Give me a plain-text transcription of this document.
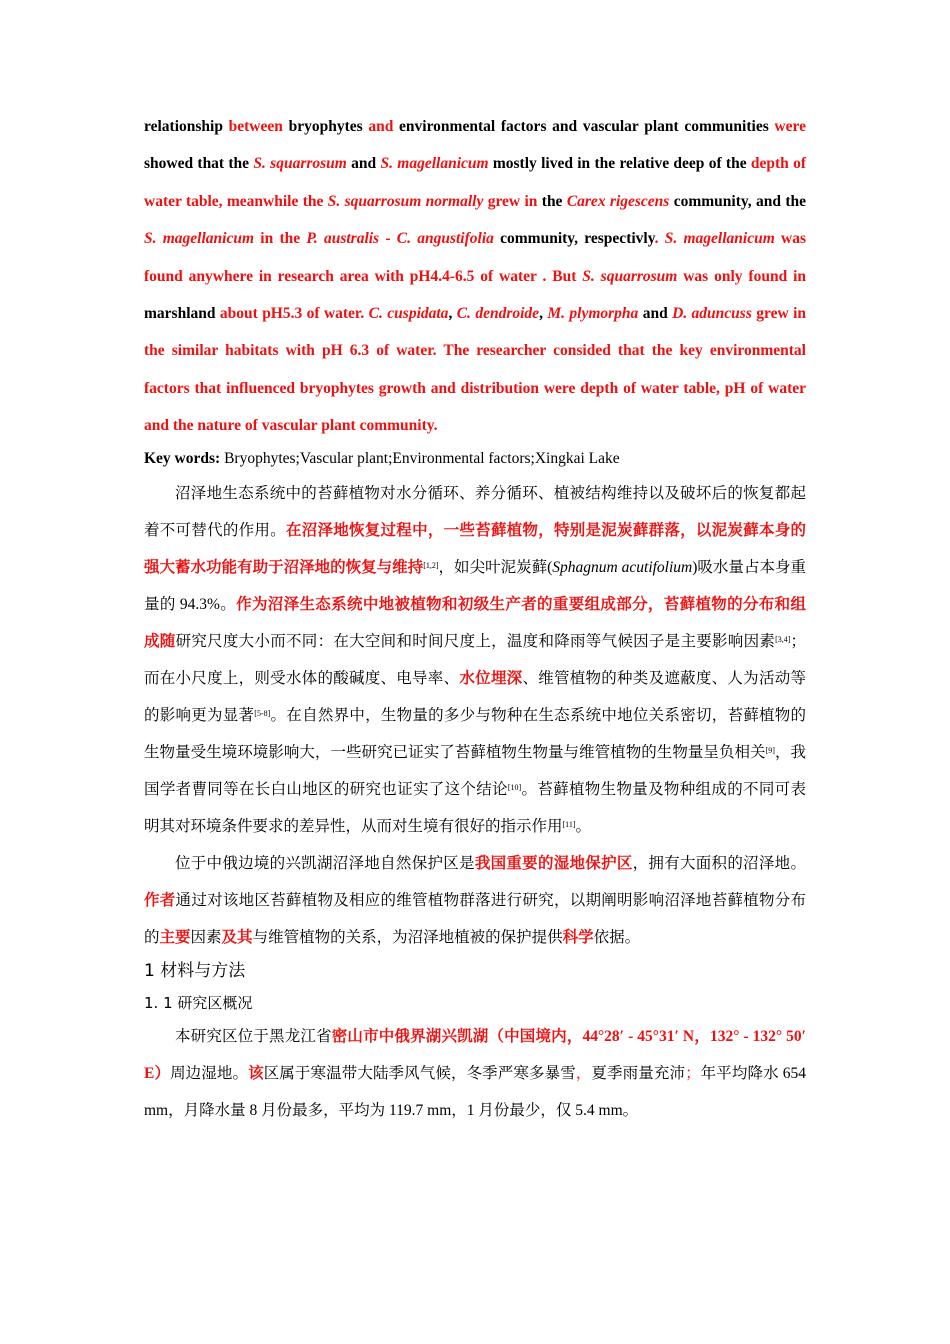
relationship between bryophytes and environmental factors and vascular plant communities were showed that the S. squarrosum and S. magellanicum mostly lived in the relative deep of the depth of water table, meanwhile the S. squarrosum normally grew in the Carex rigescens community, and the S. magellanicum in the P. australis - C. angustifolia community, respectivly. S. magellanicum was found anywhere in research area with pH4.4-6.5 of water . But S. squarrosum was only found in marshland about pH5.3 of water. C. cuspidata, C. dendroide, M. plymorpha and D. aduncuss grew in the similar habitats with pH 6.3 of water. The researcher consided that the key environmental factors that influenced bryophytes growth and distribution were depth of water table, pH of water and the nature of vascular plant community.

Key words: Bryophytes;Vascular plant;Environmental factors;Xingkai Lake

沼泽地生态系统中的苔藓植物对水分循环、养分循环、植被结构维持以及破坏后的恢复都起着不可替代的作用。在沼泽地恢复过程中，一些苔藓植物，特别是泥炭藓群落，以泥炭藓本身的强大蓄水功能有助于沼泽地的恢复与维持[1,2]，如尖叶泥炭藓(Sphagnum acutifolium)吸水量占本身重量的 94.3%。作为沼泽生态系统中地被植物和初级生产者的重要组成部分，苔藓植物的分布和组成随研究尺度大小而不同：在大空间和时间尺度上，温度和降雨等气候因子是主要影响因素[3,4]；而在小尺度上，则受水体的酸碱度、电导率、水位埋深、维管植物的种类及遮蔽度、人为活动等的影响更为显著[5-8]。在自然界中，生物量的多少与物种在生态系统中地位关系密切，苔藓植物的生物量受生境环境影响大，一些研究已证实了苔藓植物生物量与维管植物的生物量呈负相关[9]，我国学者曹同等在长白山地区的研究也证实了这个结论[10]。苔藓植物生物量及物种组成的不同可表明其对环境条件要求的差异性，从而对生境有很好的指示作用[11]。

位于中俄边境的兴凯湖沼泽地自然保护区是我国重要的湿地保护区，拥有大面积的沼泽地。作者通过对该地区苔藓植物及相应的维管植物群落进行研究，以期阐明影响沼泽地苔藓植物分布的主要因素及其与维管植物的关系，为沼泽地植被的保护提供科学依据。

1 材料与方法

1. 1 研究区概况

本研究区位于黑龙江省密山市中俄界湖兴凯湖（中国境内，44°28′ - 45°31′ N，132° - 132° 50′ E）周边湿地。该区属于寒温带大陆季风气候，冬季严寒多暴雪，夏季雨量充沛；年平均降水 654 mm，月降水量 8 月份最多，平均为 119.7 mm，1 月份最少，仅 5.4 mm。
